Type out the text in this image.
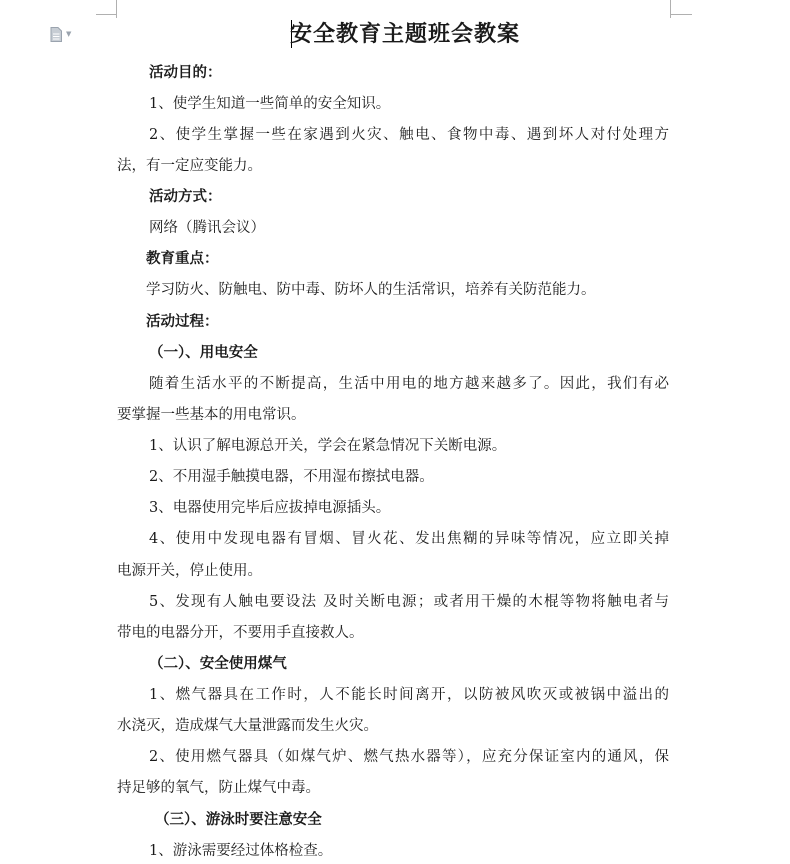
▼	安全教育主题班会教案
活动目的：
1、使学生知道一些简单的安全知识。
2、使学生掌握一些在家遇到火灾、触电、食物中毒、遇到坏人对付处理方
法，有一定应变能力。
活动方式：
网络（腾讯会议）
教育重点：
学习防火、防触电、防中毒、防坏人的生活常识，培养有关防范能力。
活动过程：
（一）、用电安全
随着生活水平的不断提高，生活中用电的地方越来越多了。因此，我们有必
要掌握一些基本的用电常识。
1、认识了解电源总开关，学会在紧急情况下关断电源。
2、不用湿手触摸电器，不用湿布擦拭电器。
3、电器使用完毕后应拔掉电源插头。
4、使用中发现电器有冒烟、冒火花、发出焦糊的异味等情况，应立即关掉
电源开关，停止使用。
5、发现有人触电要设法 及时关断电源；或者用干燥的木棍等物将触电者与
带电的电器分开，不要用手直接救人。
（二）、安全使用煤气
1、燃气器具在工作时，人不能长时间离开，以防被风吹灭或被锅中溢出的
水浇灭，造成煤气大量泄露而发生火灾。
2、使用燃气器具（如煤气炉、燃气热水器等），应充分保证室内的通风，保
持足够的氧气，防止煤气中毒。
（三）、游泳时要注意安全
1、游泳需要经过体格检查。
